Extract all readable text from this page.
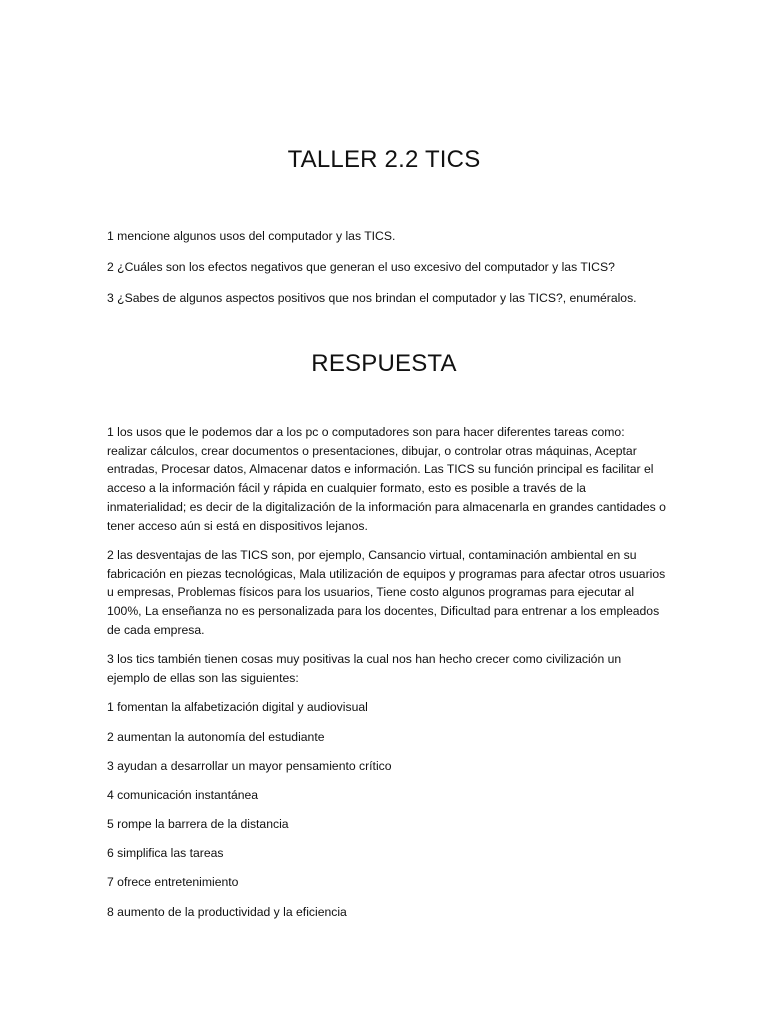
TALLER 2.2 TICS

1 mencione algunos usos del computador y las TICS.

2 ¿Cuáles son los efectos negativos que generan el uso excesivo del computador y las TICS?

3 ¿Sabes de algunos aspectos positivos que nos brindan el computador y las TICS?, enuméralos.

RESPUESTA

1 los usos que le podemos dar a los pc o computadores son para hacer diferentes tareas como: realizar cálculos, crear documentos o presentaciones, dibujar, o controlar otras máquinas, Aceptar entradas, Procesar datos, Almacenar datos e información. Las TICS su función principal es facilitar el acceso a la información fácil y rápida en cualquier formato, esto es posible a través de la inmaterialidad; es decir de la digitalización de la información para almacenarla en grandes cantidades o tener acceso aún si está en dispositivos lejanos.

2 las desventajas de las TICS son, por ejemplo, Cansancio virtual, contaminación ambiental en su fabricación en piezas tecnológicas, Mala utilización de equipos y programas para afectar otros usuarios u empresas, Problemas físicos para los usuarios, Tiene costo algunos programas para ejecutar al 100%, La enseñanza no es personalizada para los docentes, Dificultad para entrenar a los empleados de cada empresa.

3 los tics también tienen cosas muy positivas la cual nos han hecho crecer como civilización un ejemplo de ellas son las siguientes:

1 fomentan la alfabetización digital y audiovisual

2 aumentan la autonomía del estudiante

3 ayudan a desarrollar un mayor pensamiento crítico

4 comunicación instantánea

5 rompe la barrera de la distancia

6 simplifica las tareas

7 ofrece entretenimiento

8 aumento de la productividad y la eficiencia
